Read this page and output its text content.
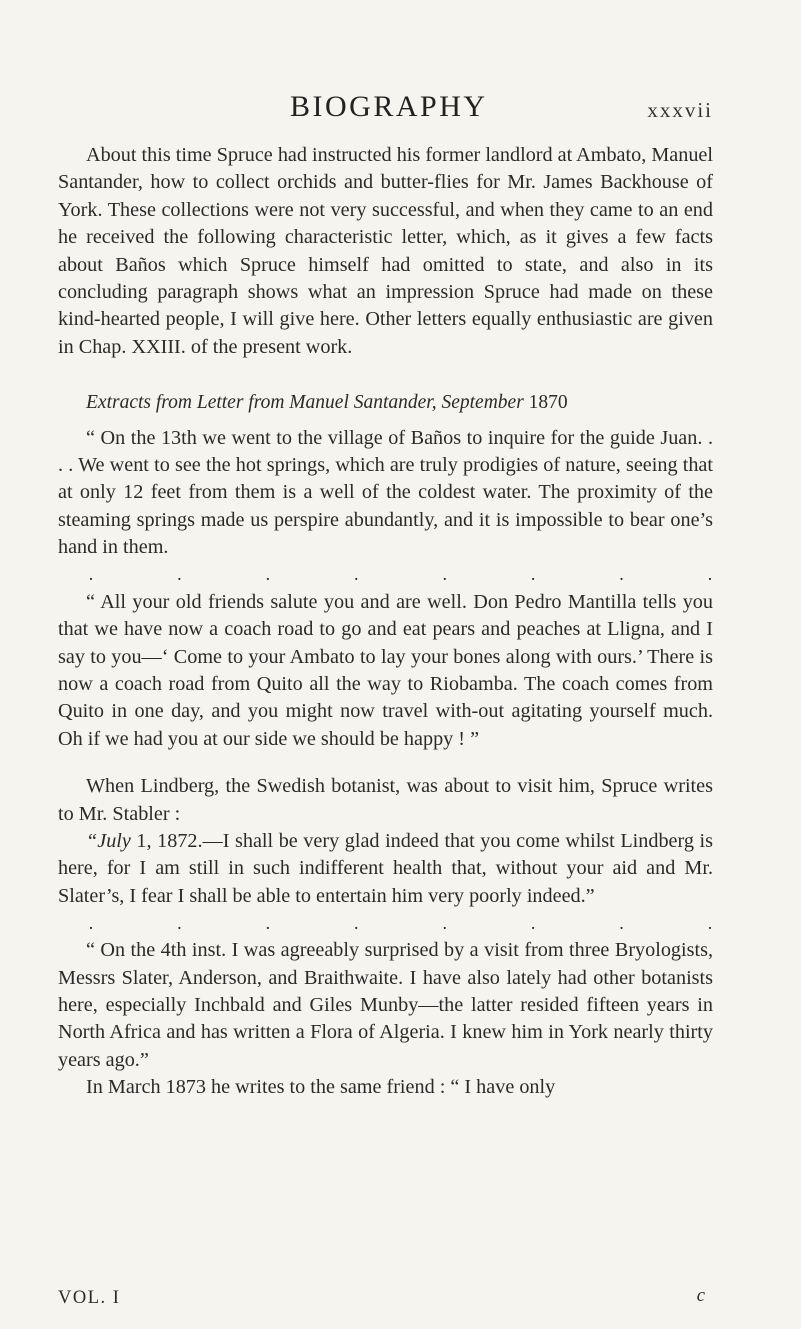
BIOGRAPHY	xxxvii

About this time Spruce had instructed his former landlord at Ambato, Manuel Santander, how to collect orchids and butter-flies for Mr. James Backhouse of York. These collections were not very successful, and when they came to an end he received the following characteristic letter, which, as it gives a few facts about Baños which Spruce himself had omitted to state, and also in its concluding paragraph shows what an impression Spruce had made on these kind-hearted people, I will give here. Other letters equally enthusiastic are given in Chap. XXIII. of the present work.

Extracts from Letter from Manuel Santander, September 1870

“ On the 13th we went to the village of Baños to inquire for the guide Juan. . . . We went to see the hot springs, which are truly prodigies of nature, seeing that at only 12 feet from them is a well of the coldest water. The proximity of the steaming springs made us perspire abundantly, and it is impossible to bear one’s hand in them.

.	.	.	.	.	.	.	.

“ All your old friends salute you and are well. Don Pedro Mantilla tells you that we have now a coach road to go and eat pears and peaches at Lligna, and I say to you—‘ Come to your Ambato to lay your bones along with ours.’ There is now a coach road from Quito all the way to Riobamba. The coach comes from Quito in one day, and you might now travel with-out agitating yourself much. Oh if we had you at our side we should be happy ! ”

When Lindberg, the Swedish botanist, was about to visit him, Spruce writes to Mr. Stabler :

“July 1, 1872.—I shall be very glad indeed that you come whilst Lindberg is here, for I am still in such indifferent health that, without your aid and Mr. Slater’s, I fear I shall be able to entertain him very poorly indeed.”

.	.	.	.	.	.	.	.

“ On the 4th inst. I was agreeably surprised by a visit from three Bryologists, Messrs Slater, Anderson, and Braithwaite. I have also lately had other botanists here, especially Inchbald and Giles Munby—the latter resided fifteen years in North Africa and has written a Flora of Algeria. I knew him in York nearly thirty years ago.”

In March 1873 he writes to the same friend : “ I have only

VOL. I	c
